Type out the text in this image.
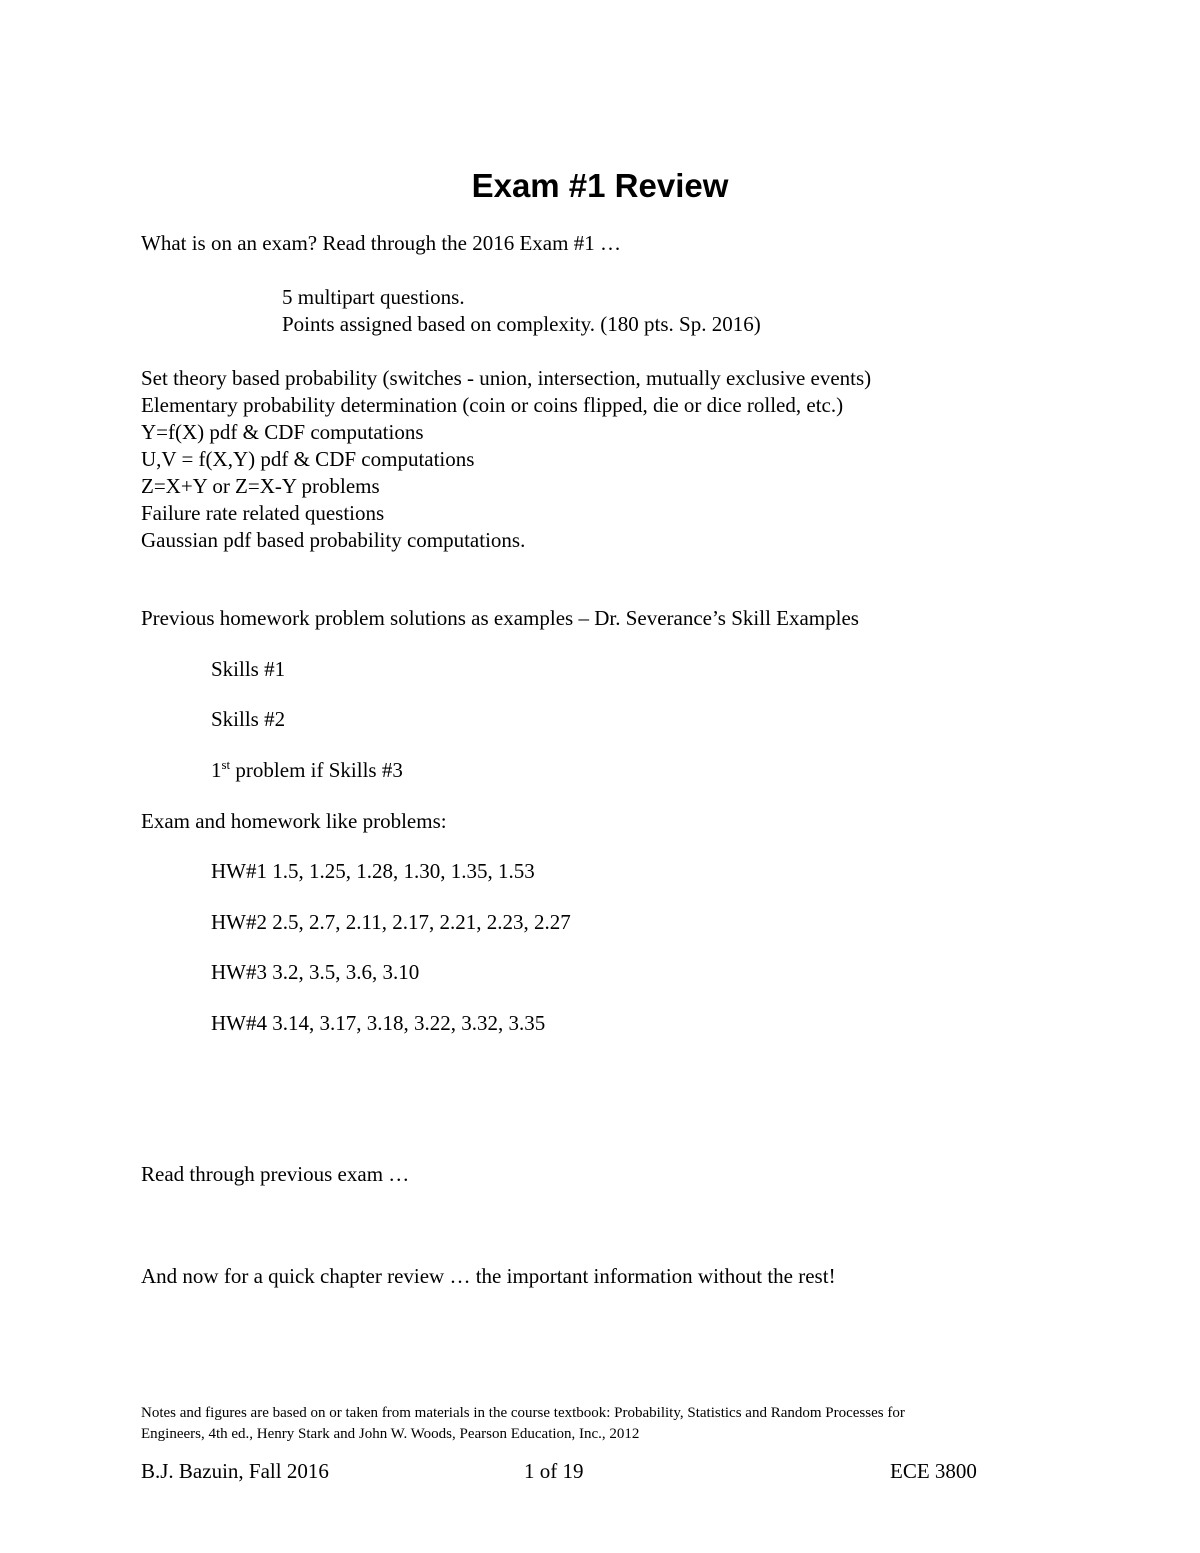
Exam #1 Review
What is on an exam? Read through the 2016 Exam #1 …
5 multipart questions.
Points assigned based on complexity. (180 pts. Sp. 2016)
Set theory based probability (switches - union, intersection, mutually exclusive events)
Elementary probability determination (coin or coins flipped, die or dice rolled, etc.)
Y=f(X) pdf & CDF computations
U,V = f(X,Y) pdf & CDF computations
Z=X+Y or Z=X-Y problems
Failure rate related questions
Gaussian pdf based probability computations.
Previous homework problem solutions as examples – Dr. Severance’s Skill Examples
Skills #1
Skills #2
1st problem if Skills #3
Exam and homework like problems:
HW#1 1.5, 1.25, 1.28, 1.30, 1.35, 1.53
HW#2 2.5, 2.7, 2.11, 2.17, 2.21, 2.23, 2.27
HW#3 3.2, 3.5, 3.6, 3.10
HW#4 3.14, 3.17, 3.18, 3.22, 3.32, 3.35
Read through previous exam …
And now for a quick chapter review … the important information without the rest!
Notes and figures are based on or taken from materials in the course textbook: Probability, Statistics and Random Processes for
Engineers, 4th ed., Henry Stark and John W. Woods, Pearson Education, Inc., 2012
B.J. Bazuin, Fall 2016	1 of 19	ECE 3800
